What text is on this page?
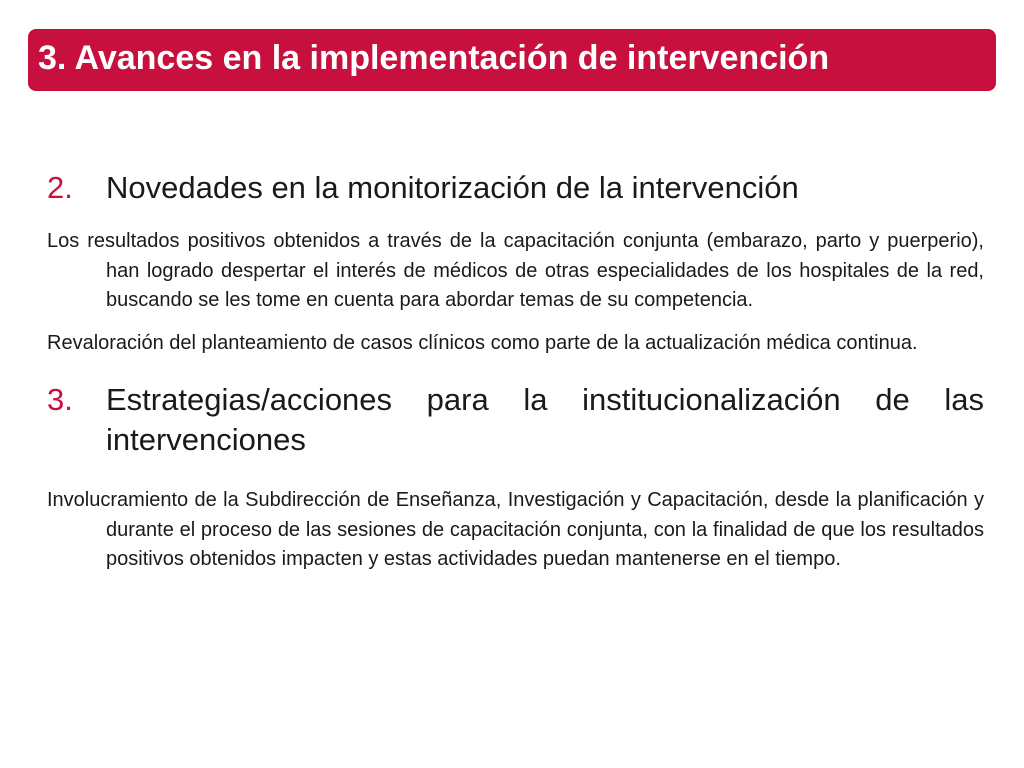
3. Avances en la implementación de intervención
2. Novedades en la monitorización de la intervención
Los resultados positivos obtenidos a través de la capacitación conjunta (embarazo, parto y puerperio), han logrado despertar el interés de médicos de otras especialidades de los hospitales de la red, buscando se les tome en cuenta para abordar temas de su competencia.
Revaloración del planteamiento de casos clínicos como parte de la actualización médica continua.
3. Estrategias/acciones para la institucionalización de las
intervenciones
Involucramiento de la Subdirección de Enseñanza, Investigación y Capacitación, desde la planificación y durante el proceso de las sesiones de capacitación conjunta, con la finalidad de que los resultados positivos obtenidos impacten y estas actividades puedan mantenerse en el tiempo.
